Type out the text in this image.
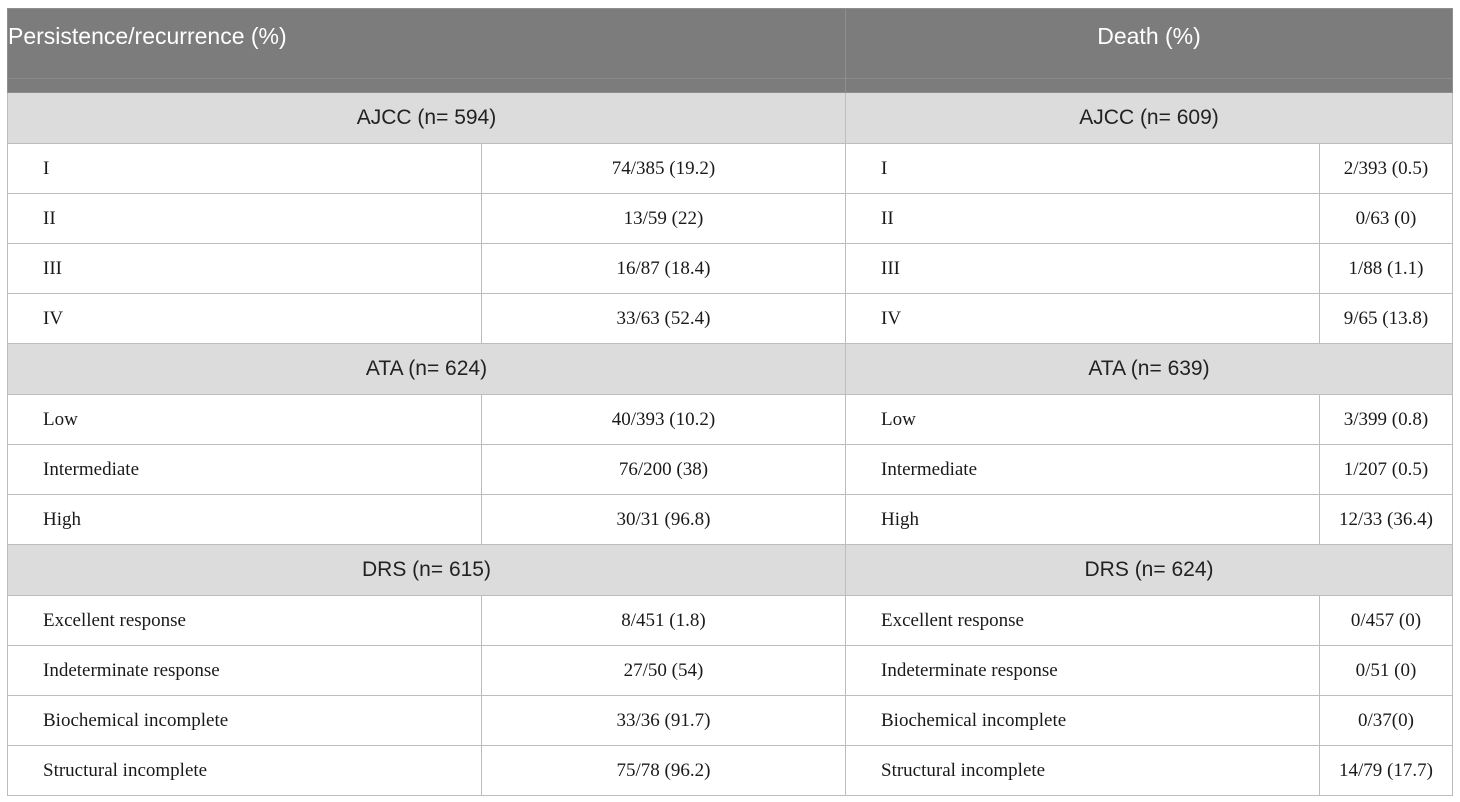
Persistence/recurrence (%)		Death (%)	

AJCC (n= 594)		AJCC (n= 609)	
I	74/385 (19.2)	I	2/393 (0.5)
II	13/59 (22)	II	0/63 (0)
III	16/87 (18.4)	III	1/88 (1.1)
IV	33/63 (52.4)	IV	9/65 (13.8)
ATA (n= 624)		ATA (n= 639)	
Low	40/393 (10.2)	Low	3/399 (0.8)
Intermediate	76/200 (38)	Intermediate	1/207 (0.5)
High	30/31 (96.8)	High	12/33 (36.4)
DRS (n= 615)		DRS (n= 624)	
Excellent response	8/451 (1.8)	Excellent response	0/457 (0)
Indeterminate response	27/50 (54)	Indeterminate response	0/51 (0)
Biochemical incomplete	33/36 (91.7)	Biochemical incomplete	0/37(0)
Structural incomplete	75/78 (96.2)	Structural incomplete	14/79 (17.7)
